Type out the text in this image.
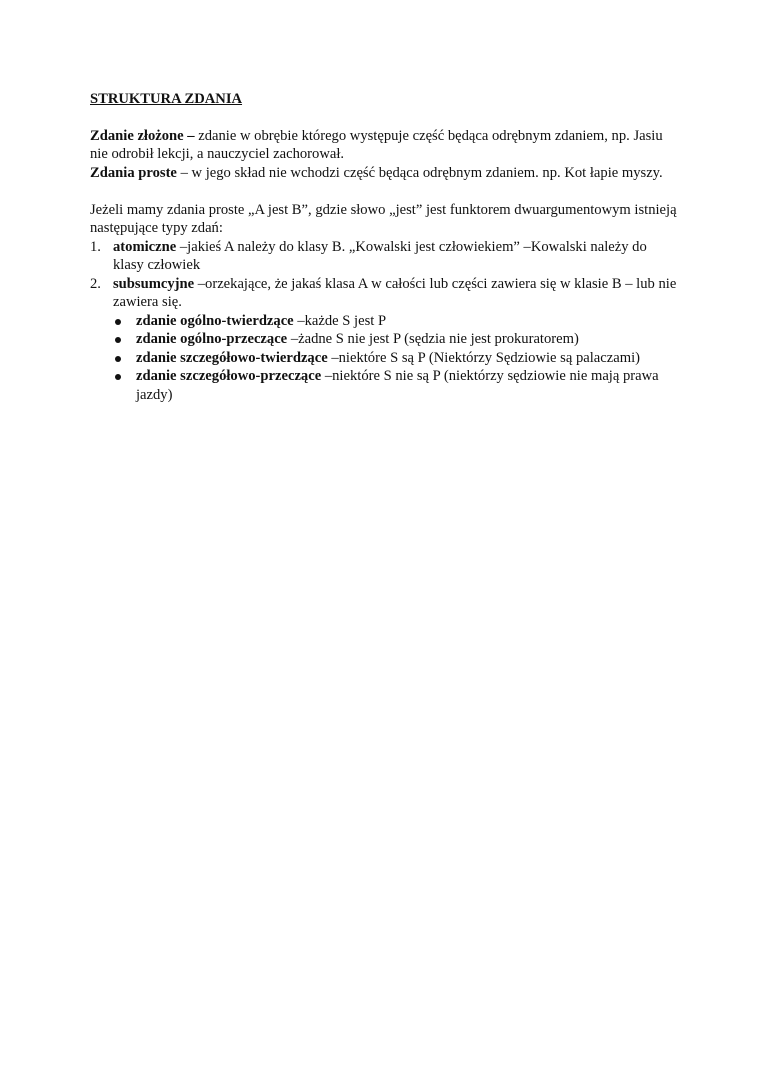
STRUKTURA ZDANIA

Zdanie złożone – zdanie w obrębie którego występuje część będąca odrębnym zdaniem, np. Jasiu nie odrobił lekcji, a nauczyciel zachorował.

Zdania proste – w jego skład nie wchodzi część będąca odrębnym zdaniem. np. Kot łapie myszy.

Jeżeli mamy zdania proste „A jest B”, gdzie słowo „jest” jest funktorem dwuargumentowym istnieją następujące typy zdań:

1. atomiczne –jakieś A należy do klasy B. „Kowalski jest człowiekiem” –Kowalski należy do klasy człowiek
2. subsumcyjne –orzekające, że jakaś klasa A w całości lub części zawiera się w klasie B – lub nie zawiera się.
zdanie ogólno-twierdzące –każde S jest P
zdanie ogólno-przeczące –żadne S nie jest P (sędzia nie jest prokuratorem)
zdanie szczegółowo-twierdzące –niektóre S są P (Niektórzy Sędziowie są palaczami)
zdanie szczegółowo-przeczące –niektóre S nie są P (niektórzy sędziowie nie mają prawa jazdy)
